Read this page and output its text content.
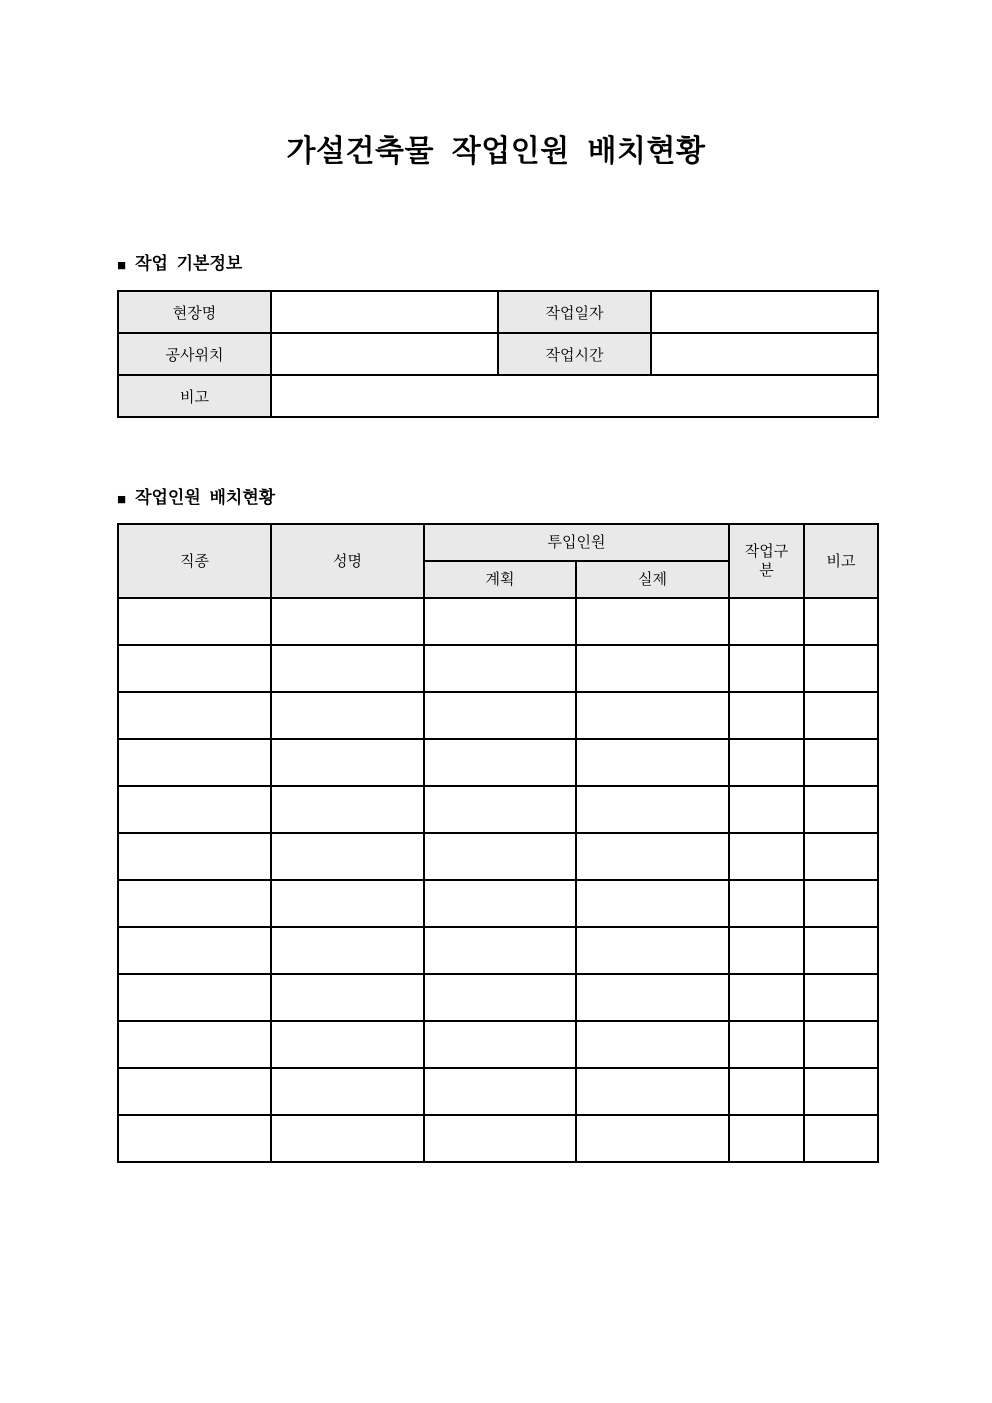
가설건축물 작업인원 배치현황
■ 작업 기본정보
현장명		작업일자	
공사위치		작업시간	
비고			
■ 작업인원 배치현황
직종	성명	투입인원		작업구분	비고
		계획	실제		
